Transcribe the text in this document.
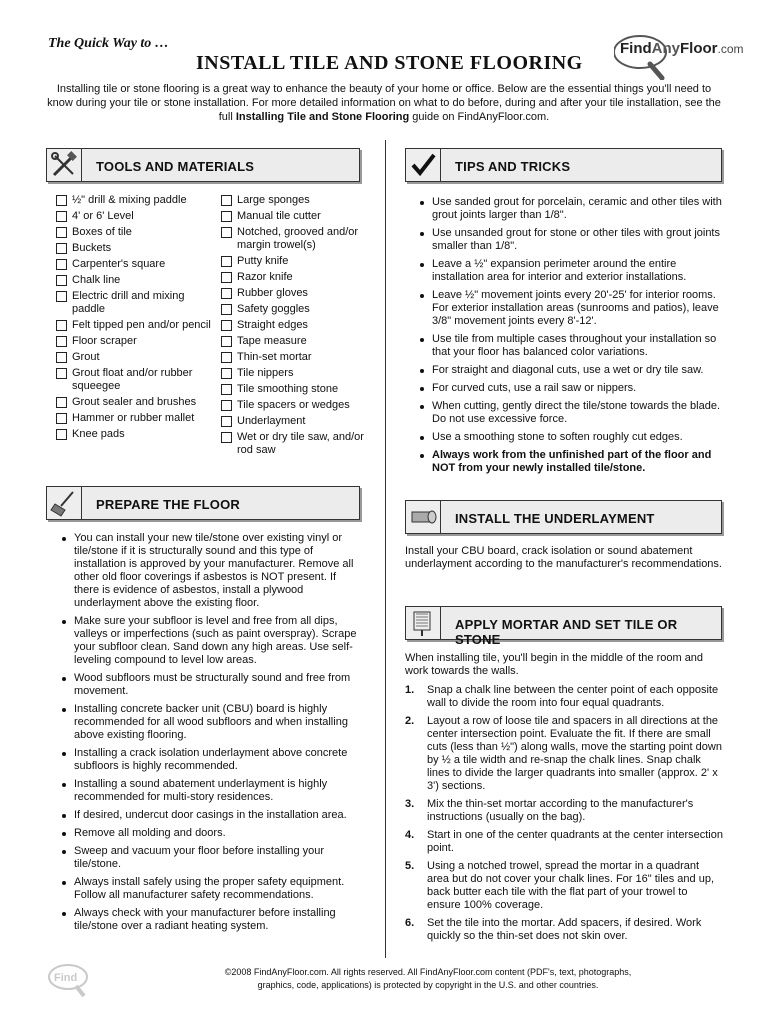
The Quick Way to …
INSTALL TILE AND STONE FLOORING
FindAnyFloor.com
Installing tile or stone flooring is a great way to enhance the beauty of your home or office. Below are the essential things you'll need to know during your tile or stone installation. For more detailed information on what to do before, during and after your tile installation, see the full Installing Tile and Stone Flooring guide on FindAnyFloor.com.
TOOLS AND MATERIALS
½" drill & mixing paddle
4' or 6' Level
Boxes of tile
Buckets
Carpenter's square
Chalk line
Electric drill and mixing paddle
Felt tipped pen and/or pencil
Floor scraper
Grout
Grout float and/or rubber squeegee
Grout sealer and brushes
Hammer or rubber mallet
Knee pads
Large sponges
Manual tile cutter
Notched, grooved and/or margin trowel(s)
Putty knife
Razor knife
Rubber gloves
Safety goggles
Straight edges
Tape measure
Thin-set mortar
Tile nippers
Tile smoothing stone
Tile spacers or wedges
Underlayment
Wet or dry tile saw, and/or rod saw
PREPARE THE FLOOR
You can install your new tile/stone over existing vinyl or tile/stone if it is structurally sound and this type of installation is approved by your manufacturer. Remove all other old floor coverings if asbestos is NOT present. If there is evidence of asbestos, install a plywood underlayment above the existing floor.
Make sure your subfloor is level and free from all dips, valleys or imperfections (such as paint overspray). Scrape your subfloor clean. Sand down any high areas. Use self-leveling compound to level low areas.
Wood subfloors must be structurally sound and free from movement.
Installing concrete backer unit (CBU) board is highly recommended for all wood subfloors and when installing above existing flooring.
Installing a crack isolation underlayment above concrete subfloors is highly recommended.
Installing a sound abatement underlayment is highly recommended for multi-story residences.
If desired, undercut door casings in the installation area.
Remove all molding and doors.
Sweep and vacuum your floor before installing your tile/stone.
Always install safely using the proper safety equipment. Follow all manufacturer safety recommendations.
Always check with your manufacturer before installing tile/stone over a radiant heating system.
TIPS AND TRICKS
Use sanded grout for porcelain, ceramic and other tiles with grout joints larger than 1/8".
Use unsanded grout for stone or other tiles with grout joints smaller than 1/8".
Leave a ½" expansion perimeter around the entire installation area for interior and exterior installations.
Leave ½" movement joints every 20'-25' for interior rooms. For exterior installation areas (sunrooms and patios), leave 3/8" movement joints every 8'-12'.
Use tile from multiple cases throughout your installation so that your floor has balanced color variations.
For straight and diagonal cuts, use a wet or dry tile saw.
For curved cuts, use a rail saw or nippers.
When cutting, gently direct the tile/stone towards the blade. Do not use excessive force.
Use a smoothing stone to soften roughly cut edges.
Always work from the unfinished part of the floor and NOT from your newly installed tile/stone.
INSTALL THE UNDERLAYMENT
Install your CBU board, crack isolation or sound abatement underlayment according to the manufacturer's recommendations.
APPLY MORTAR AND SET TILE OR STONE
When installing tile, you'll begin in the middle of the room and work towards the walls.
1. Snap a chalk line between the center point of each opposite wall to divide the room into four equal quadrants.
2. Layout a row of loose tile and spacers in all directions at the center intersection point. Evaluate the fit. If there are small cuts (less than ½") along walls, move the starting point down by ½ a tile width and re-snap the chalk lines. Snap chalk lines to divide the larger quadrants into smaller (approx. 2' x 3') sections.
3. Mix the thin-set mortar according to the manufacturer's instructions (usually on the bag).
4. Start in one of the center quadrants at the center intersection point.
5. Using a notched trowel, spread the mortar in a quadrant area but do not cover your chalk lines. For 16" tiles and up, back butter each tile with the flat part of your trowel to ensure 100% coverage.
6. Set the tile into the mortar. Add spacers, if desired. Work quickly so the thin-set does not skin over.
Find	©2008 FindAnyFloor.com. All rights reserved. All FindAnyFloor.com content (PDF's, text, photographs,
graphics, code, applications) is protected by copyright in the U.S. and other countries.
